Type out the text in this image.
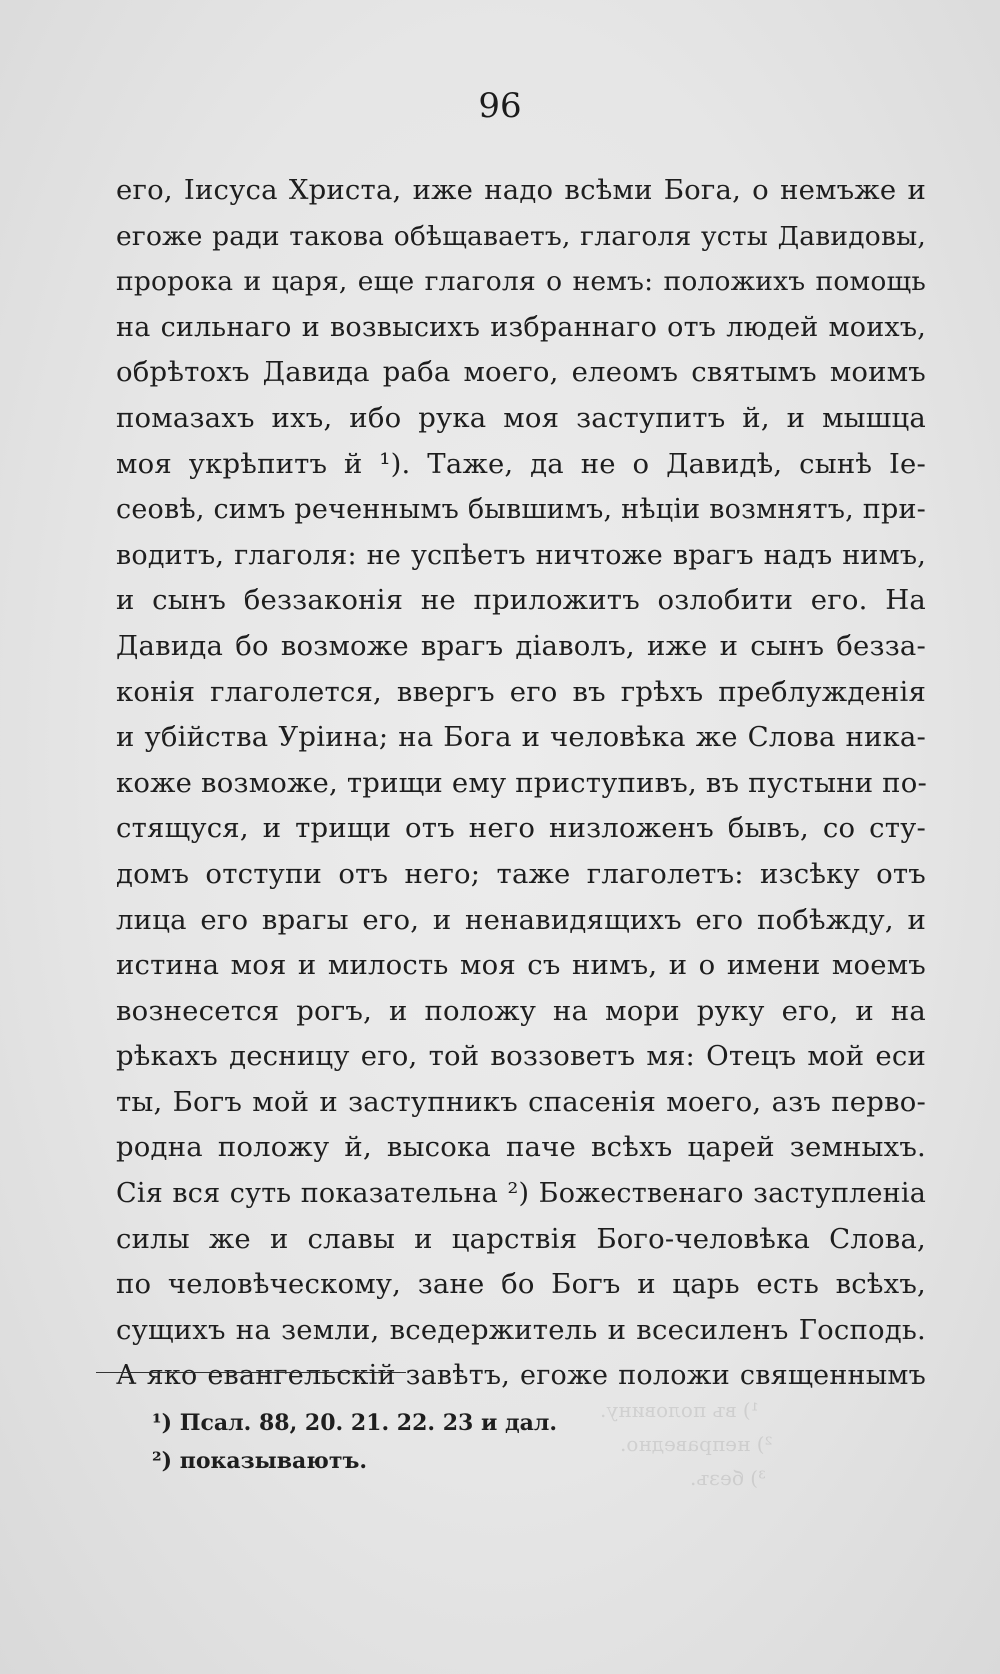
¹) въ половину.
²) неправедно.
³) безъ.
96
его, Іисуса Христа, иже надо всѣми Бога, о немъже и
егоже ради такова обѣщаваетъ, глаголя усты Давидовы,
пророка и царя, еще глаголя о немъ: положихъ помощь
на сильнаго и возвысихъ избраннаго отъ людей моихъ,
обрѣтохъ Давида раба моего, елеомъ святымъ моимъ
помазахъ ихъ, ибо рука моя заступитъ й, и мышца
моя укрѣпитъ й ¹). Таже, да не о Давидѣ, сынѣ Іе-
сеовѣ, симъ реченнымъ бывшимъ, нѣціи возмнятъ, при-
водитъ, глаголя: не успѣетъ ничтоже врагъ надъ нимъ,
и сынъ беззаконія не приложитъ озлобити его. На
Давида бо возможе врагъ діаволъ, иже и сынъ безза-
конія глаголется, ввергъ его въ грѣхъ преблужденія
и убійства Уріина; на Бога и человѣка же Слова никa-
коже возможе, трищи ему приступивъ, въ пустыни по-
стящуся, и трищи отъ него низложенъ бывъ, со сту-
домъ отступи отъ него; таже глаголетъ: изсѣку отъ
лица его врагы его, и ненавидящихъ его побѣжду, и
истина моя и милость моя съ нимъ, и о имени моемъ
вознесется рогъ, и положу на мори руку его, и на
рѣкахъ десницу его, той воззоветъ мя: Отецъ мой еси
ты, Богъ мой и заступникъ спасенія моего, азъ перво-
родна положу й, высока паче всѣхъ царей земныхъ.
Сія вся суть показательна ²) Божественаго заступленіа
силы же и славы и царствія Бого-человѣка Слова,
по человѣческому, зане бо Богъ и царь есть всѣхъ,
сущихъ на земли, вседержитель и всесиленъ Господь.
А яко евангельскій завѣтъ, егоже положи священнымъ
¹) Псал. 88, 20. 21. 22. 23 и дал.
²) показываютъ.
